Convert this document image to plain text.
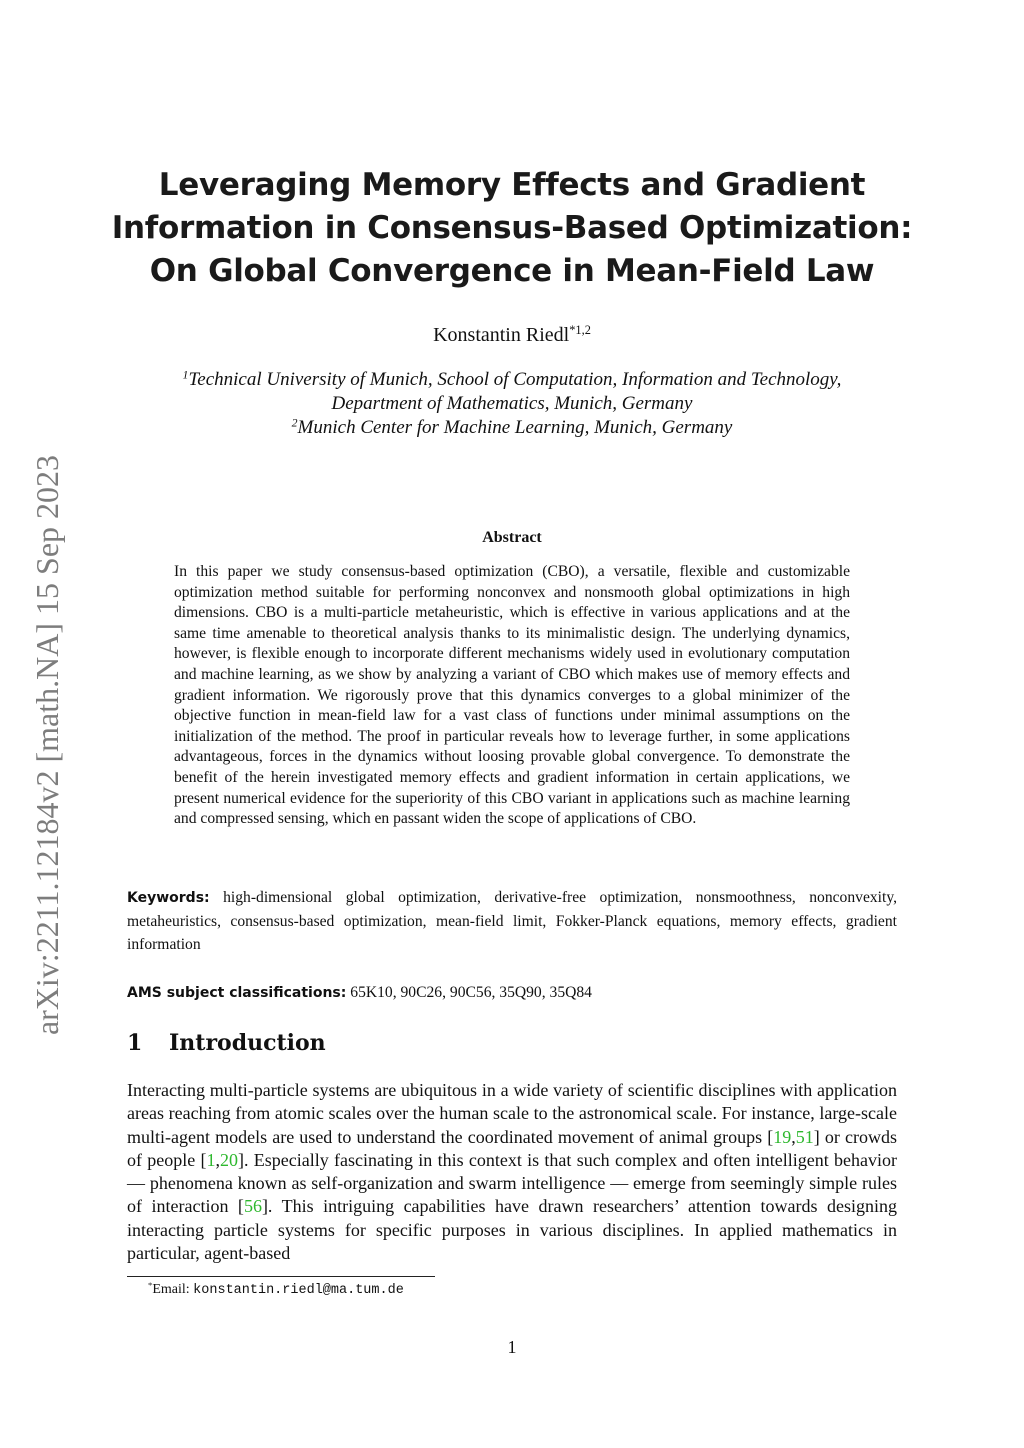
arXiv:2211.12184v2 [math.NA] 15 Sep 2023
Leveraging Memory Effects and Gradient
Information in Consensus-Based Optimization:
On Global Convergence in Mean-Field Law
Konstantin Riedl$^{*1,2}$
$^1$Technical University of Munich, School of Computation, Information and Technology,
Department of Mathematics, Munich, Germany
$^2$Munich Center for Machine Learning, Munich, Germany
Abstract
In this paper we study consensus-based optimization (CBO), a versatile, flexible and customizable optimization method suitable for performing nonconvex and nonsmooth global optimizations in high dimensions. CBO is a multi-particle metaheuristic, which is effective in various applications and at the same time amenable to theoretical analysis thanks to its minimalistic design. The underlying dynamics, however, is flexible enough to incorporate different mechanisms widely used in evolutionary computation and machine learning, as we show by analyzing a variant of CBO which makes use of memory effects and gradient information. We rigorously prove that this dynamics converges to a global minimizer of the objective function in mean-field law for a vast class of functions under minimal assumptions on the initialization of the method. The proof in particular reveals how to leverage further, in some applications advantageous, forces in the dynamics without loosing provable global convergence. To demonstrate the benefit of the herein investigated memory effects and gradient information in certain applications, we present numerical evidence for the superiority of this CBO variant in applications such as machine learning and compressed sensing, which en passant widen the scope of applications of CBO.
Keywords: high-dimensional global optimization, derivative-free optimization, nonsmoothness, nonconvexity, metaheuristics, consensus-based optimization, mean-field limit, Fokker-Planck equations, memory effects, gradient information
AMS subject classifications: 65K10, 90C26, 90C56, 35Q90, 35Q84
1 Introduction
Interacting multi-particle systems are ubiquitous in a wide variety of scientific disciplines with application areas reaching from atomic scales over the human scale to the astronomical scale. For instance, large-scale multi-agent models are used to understand the coordinated movement of animal groups [19,51] or crowds of people [1,20]. Especially fascinating in this context is that such complex and often intelligent behavior — phenomena known as self-organization and swarm intelligence — emerge from seemingly simple rules of interaction [56]. This intriguing capabilities have drawn researchers’ attention towards designing interacting particle systems for specific purposes in various disciplines. In applied mathematics in particular, agent-based
*Email: konstantin.riedl@ma.tum.de
1
